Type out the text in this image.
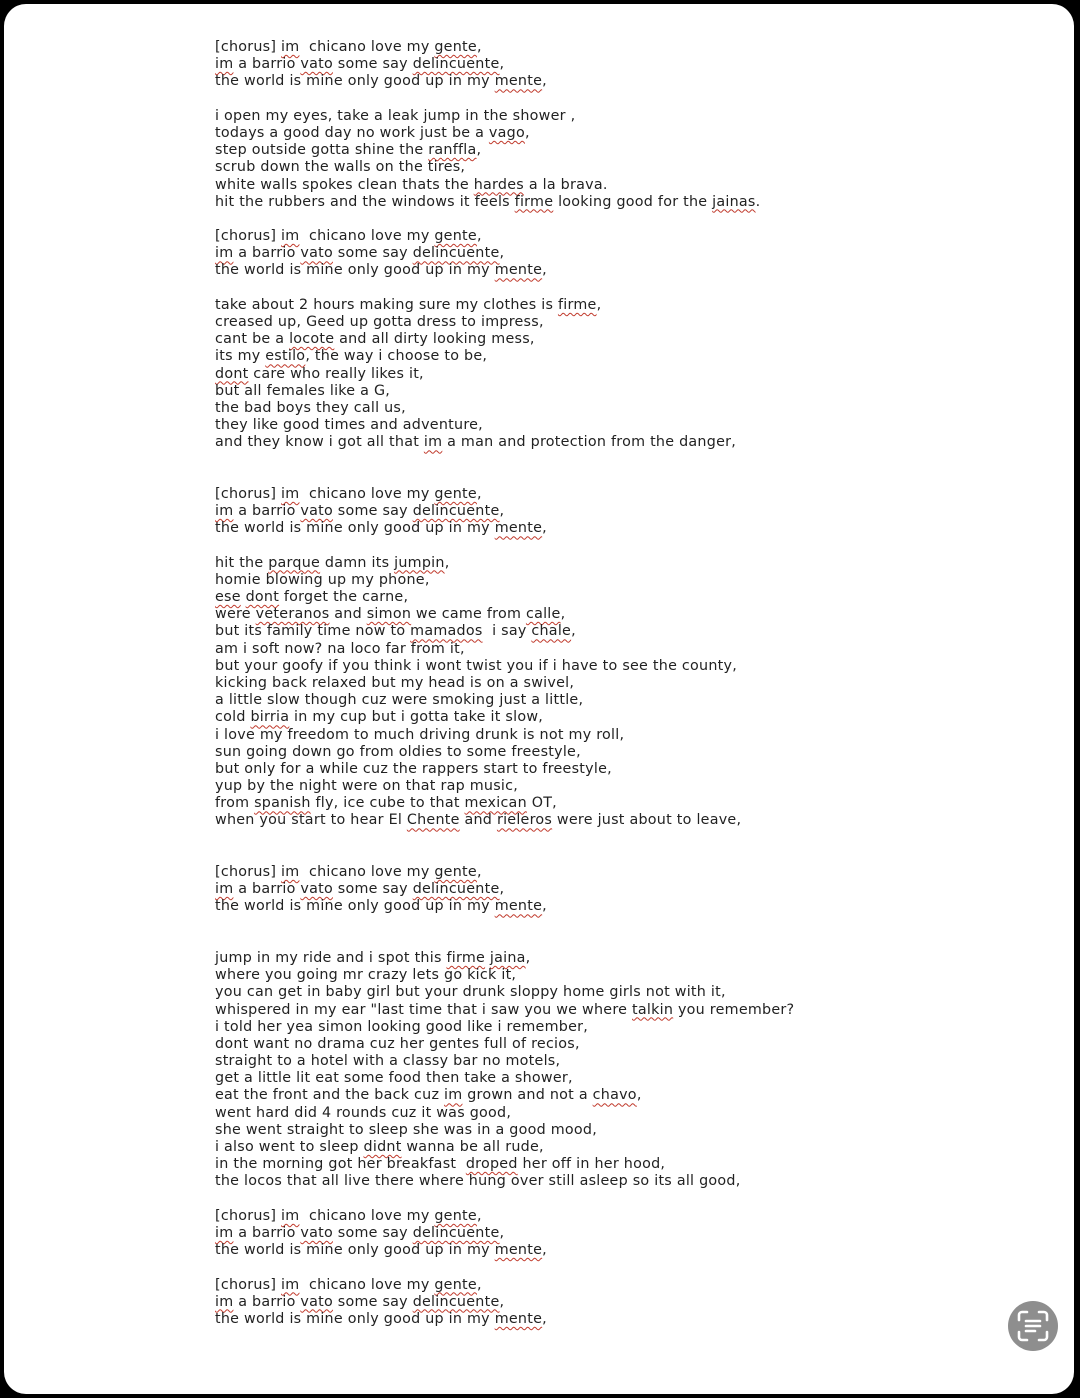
[chorus] im chicano love my gente,
im a barrio vato some say delincuente,
the world is mine only good up in my mente,
i open my eyes, take a leak jump in the shower ,
todays a good day no work just be a vago,
step outside gotta shine the ranffla,
scrub down the walls on the tires,
white walls spokes clean thats the hardes a la brava.
hit the rubbers and the windows it feels firme looking good for the jainas.
[chorus] im chicano love my gente,
im a barrio vato some say delincuente,
the world is mine only good up in my mente,
take about 2 hours making sure my clothes is firme,
creased up, Geed up gotta dress to impress,
cant be a locote and all dirty looking mess,
its my estilo, the way i choose to be,
dont care who really likes it,
but all females like a G,
the bad boys they call us,
they like good times and adventure,
and they know i got all that im a man and protection from the danger,
[chorus] im chicano love my gente,
im a barrio vato some say delincuente,
the world is mine only good up in my mente,
hit the parque damn its jumpin,
homie blowing up my phone,
ese dont forget the carne,
were veteranos and simon we came from calle,
but its family time now to mamados i say chale,
am i soft now? na loco far from it,
but your goofy if you think i wont twist you if i have to see the county,
kicking back relaxed but my head is on a swivel,
a little slow though cuz were smoking just a little,
cold birria in my cup but i gotta take it slow,
i love my freedom to much driving drunk is not my roll,
sun going down go from oldies to some freestyle,
but only for a while cuz the rappers start to freestyle,
yup by the night were on that rap music,
from spanish fly, ice cube to that mexican OT,
when you start to hear El Chente and rieleros were just about to leave,
[chorus] im chicano love my gente,
im a barrio vato some say delincuente,
the world is mine only good up in my mente,
jump in my ride and i spot this firme jaina,
where you going mr crazy lets go kick it,
you can get in baby girl but your drunk sloppy home girls not with it,
whispered in my ear "last time that i saw you we where talkin you remember?
i told her yea simon looking good like i remember,
dont want no drama cuz her gentes full of recios,
straight to a hotel with a classy bar no motels,
get a little lit eat some food then take a shower,
eat the front and the back cuz im grown and not a chavo,
went hard did 4 rounds cuz it was good,
she went straight to sleep she was in a good mood,
i also went to sleep didnt wanna be all rude,
in the morning got her breakfast droped her off in her hood,
the locos that all live there where hung over still asleep so its all good,
[chorus] im chicano love my gente,
im a barrio vato some say delincuente,
the world is mine only good up in my mente,
[chorus] im chicano love my gente,
im a barrio vato some say delincuente,
the world is mine only good up in my mente,
